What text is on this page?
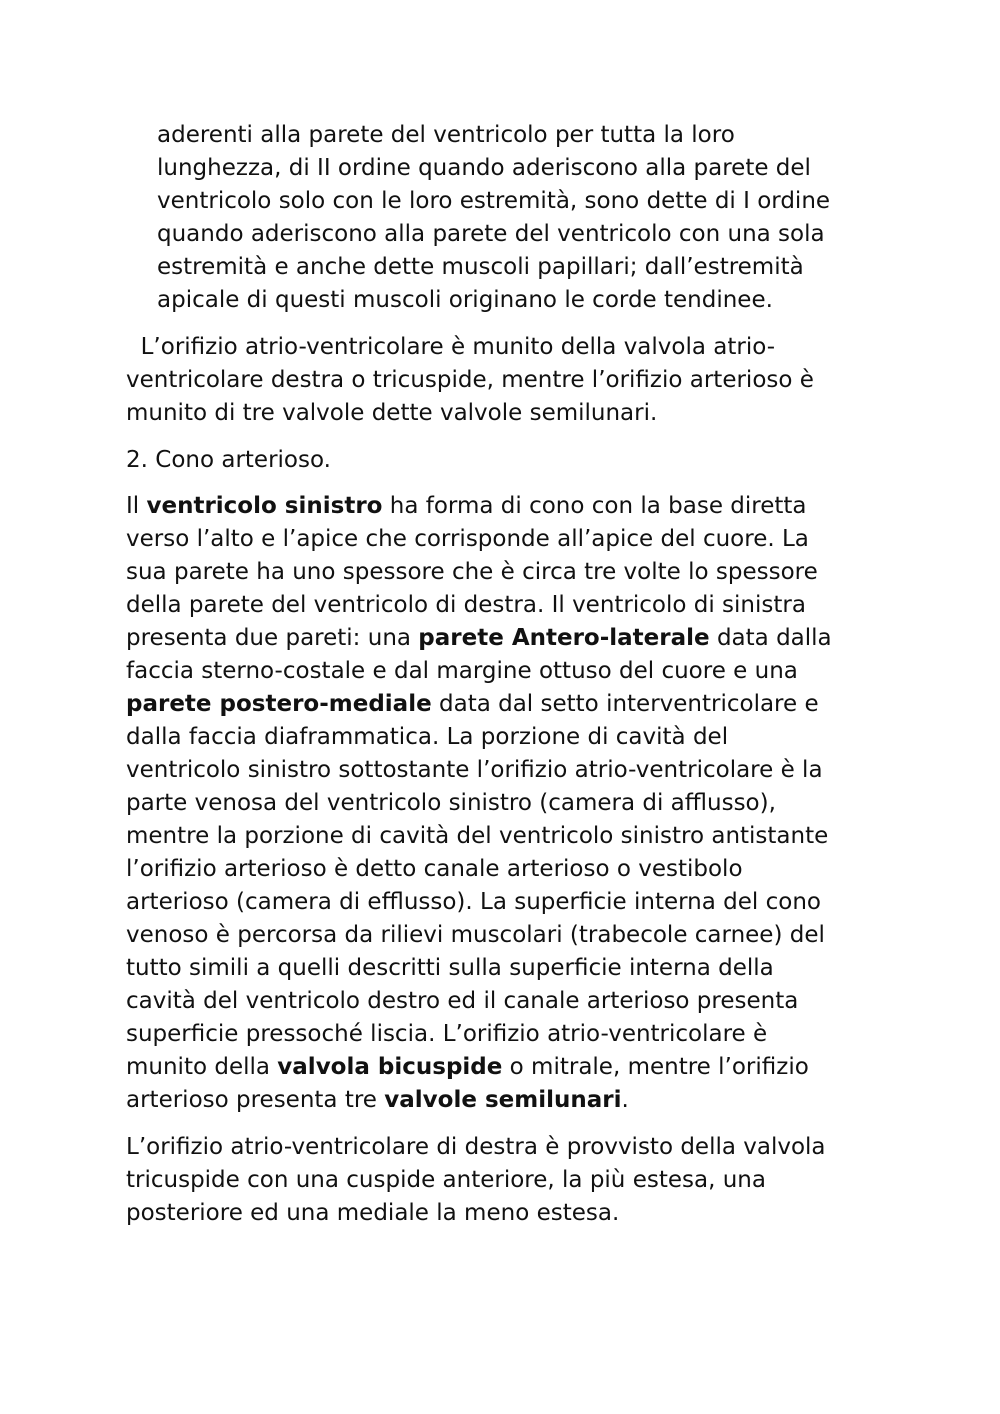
aderenti alla parete del ventricolo per tutta la loro
lunghezza, di II ordine quando aderiscono alla parete del
ventricolo solo con le loro estremità, sono dette di I ordine
quando aderiscono alla parete del ventricolo con una sola
estremità e anche dette muscoli papillari; dall’estremità
apicale di questi muscoli originano le corde tendinee.
L’orifizio atrio-ventricolare è munito della valvola atrio-
ventricolare destra o tricuspide, mentre l’orifizio arterioso è
munito di tre valvole dette valvole semilunari.
2. Cono arterioso.
Il ventricolo sinistro ha forma di cono con la base diretta
verso l’alto e l’apice che corrisponde all’apice del cuore. La
sua parete ha uno spessore che è circa tre volte lo spessore
della parete del ventricolo di destra. Il ventricolo di sinistra
presenta due pareti: una parete Antero-laterale data dalla
faccia sterno-costale e dal margine ottuso del cuore e una
parete postero-mediale data dal setto interventricolare e
dalla faccia diaframmatica. La porzione di cavità del
ventricolo sinistro sottostante l’orifizio atrio-ventricolare è la
parte venosa del ventricolo sinistro (camera di afflusso),
mentre la porzione di cavità del ventricolo sinistro antistante
l’orifizio arterioso è detto canale arterioso o vestibolo
arterioso (camera di efflusso). La superficie interna del cono
venoso è percorsa da rilievi muscolari (trabecole carnee) del
tutto simili a quelli descritti sulla superficie interna della
cavità del ventricolo destro ed il canale arterioso presenta
superficie pressoché liscia. L’orifizio atrio-ventricolare è
munito della valvola bicuspide o mitrale, mentre l’orifizio
arterioso presenta tre valvole semilunari.
L’orifizio atrio-ventricolare di destra è provvisto della valvola
tricuspide con una cuspide anteriore, la più estesa, una
posteriore ed una mediale la meno estesa.
